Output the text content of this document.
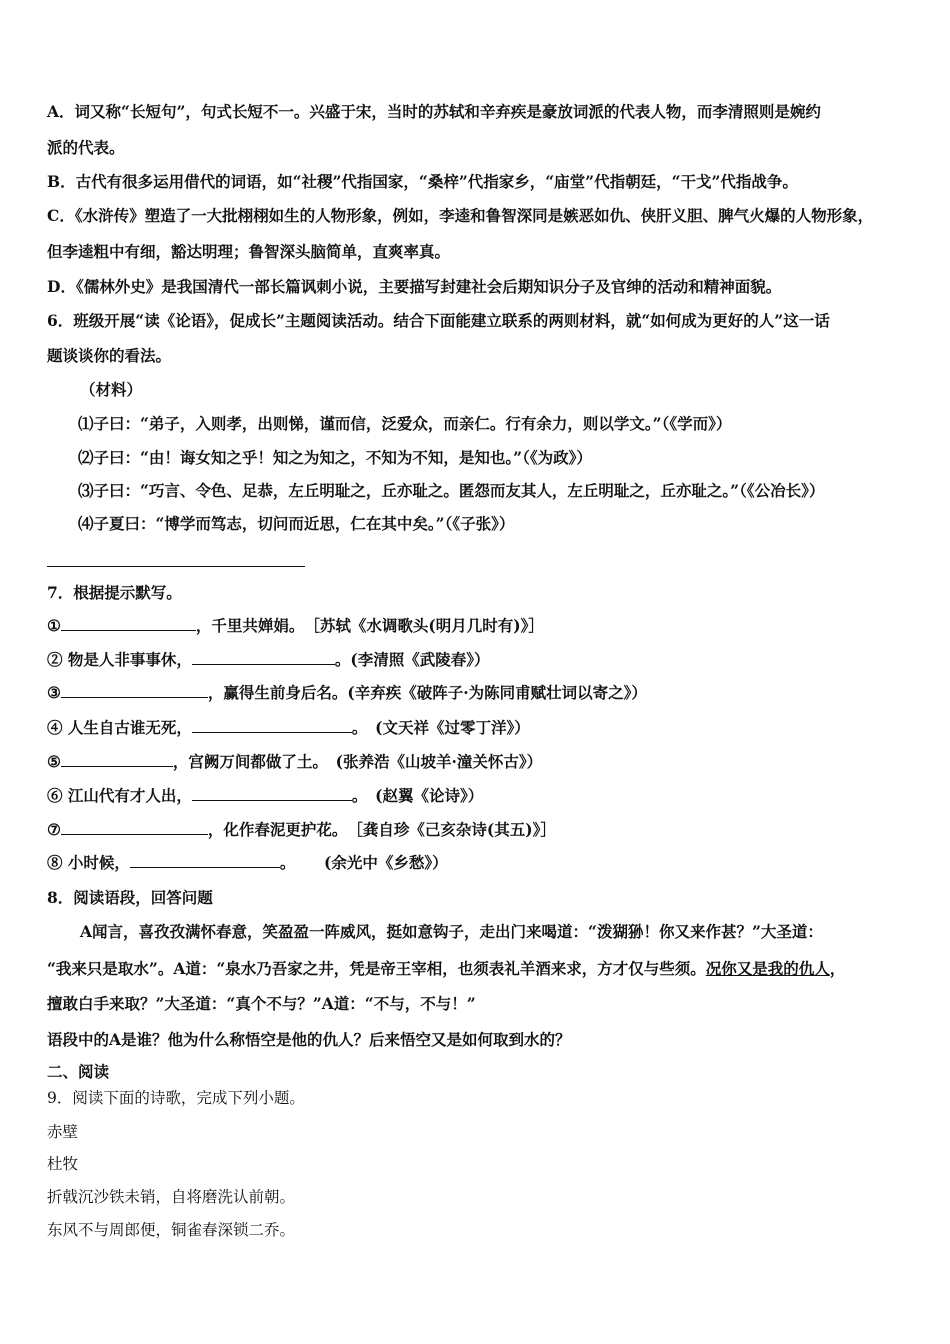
A．词又称“长短句”，句式长短不一。兴盛于宋，当时的苏轼和辛弃疾是豪放词派的代表人物，而李清照则是婉约
派的代表。
B．古代有很多运用借代的词语，如“社稷”代指国家，“桑梓”代指家乡，“庙堂”代指朝廷，“干戈”代指战争。
C．《水浒传》塑造了一大批栩栩如生的人物形象，例如，李逵和鲁智深同是嫉恶如仇、侠肝义胆、脾气火爆的人物形象，
但李逵粗中有细，豁达明理；鲁智深头脑简单，直爽率真。
D．《儒林外史》是我国清代一部长篇讽刺小说，主要描写封建社会后期知识分子及官绅的活动和精神面貌。
6．班级开展“读《论语》，促成长”主题阅读活动。结合下面能建立联系的两则材料，就“如何成为更好的人”这一话
题谈谈你的看法。
（材料）
⑴子曰：“弟子，入则孝，出则悌，谨而信，泛爱众，而亲仁。行有余力，则以学文。”（《学而》）
⑵子曰：“由！诲女知之乎！知之为知之，不知为不知，是知也。”（《为政》）
⑶子曰：“巧言、令色、足恭，左丘明耻之，丘亦耻之。匿怨而友其人，左丘明耻之，丘亦耻之。”（《公冶长》）
⑷子夏曰：“博学而笃志，切问而近思，仁在其中矣。”（《子张》）
7．根据提示默写。
①	，千里共婵娟。　［苏轼《水调歌头(明月几时有)》］
② 物是人非事事休，	。(李清照《武陵春》）
③	，赢得生前身后名。(辛弃疾《破阵子·为陈同甫赋壮词以寄之》）
④ 人生自古谁无死，	。　(文天祥《过零丁洋》）
⑤	，宫阙万间都做了土。　(张养浩《山坡羊·潼关怀古》）
⑥ 江山代有才人出，	。　(赵翼《论诗》）
⑦	，化作春泥更护花。　［龚自珍《己亥杂诗(其五)》］
⑧ 小时候，	。　　 (余光中《乡愁》）
8．阅读语段，回答问题
A闻言，喜孜孜满怀春意，笑盈盈一阵威风，挺如意钩子，走出门来喝道：“泼猢狲！你又来作甚？”大圣道：
“我来只是取水”。A道：“泉水乃吾家之井，凭是帝王宰相，也须表礼羊酒来求，方才仅与些须。况你又是我的仇人，
擅敢白手来取？”大圣道：“真个不与？”A道：“不与，不与！”
语段中的A是谁？他为什么称悟空是他的仇人？后来悟空又是如何取到水的？
二、阅读
9．阅读下面的诗歌，完成下列小题。
赤壁
杜牧
折戟沉沙铁未销，自将磨洗认前朝。
东风不与周郎便，铜雀春深锁二乔。
